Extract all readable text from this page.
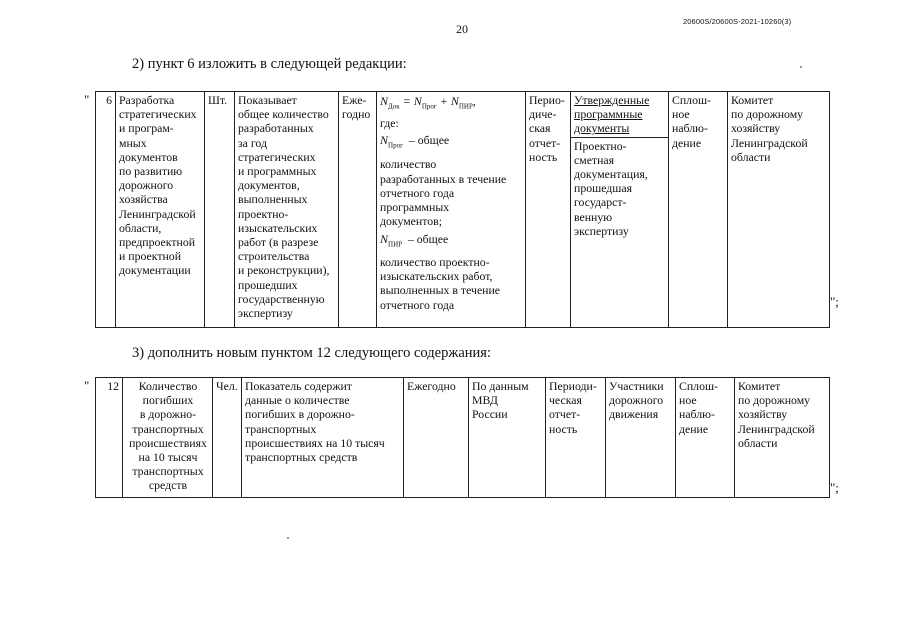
20
20600S/20600S-2021-10260(3)
2) пункт 6 изложить в следующей редакции:
" 6	Разработка
стратегических
и програм-
мных
документов
по развитию
дорожного
хозяйства
Ленинградской
области,
предпроектной
и проектной
документации
	Шт.	Показывает
общее количество
разработанных
за год
стратегических
и программных
документов,
выполненных
проектно-
изыскательских
работ (в разрезе
строительства
и реконструкции),
прошедших
государственную
экспертизу

Еже-
годно

$N_{Док} = N_{Прог} + N_{ПИР}$,
где:
$N_{Прог}$ – общее
количество
разработанных в течение
отчетного года
программных
документов;
$N_{ПИР}$ – общее
количество проектно-
изыскательских работ,
выполненных в течение
отчетного года

Перио-
диче-
ская
отчет-
ность

Утвержденные
программные
документы
Проектно-
сметная
документация,
прошедшая
государст-
венную
экспертизу

Сплош-
ное
наблю-
дение

Комитет
по дорожному
хозяйству
Ленинградской
области
";
3) дополнить новым пунктом 12 следующего содержания:
" 12	Количество
погибших
в дорожно-
транспортных
происшествиях
на 10 тысяч
транспортных
средств
	Чел.	Показатель содержит
данные о количестве
погибших в дорожно-
транспортных
происшествиях на 10 тысяч
транспортных средств

Ежегодно	По данным
МВД
России

Периоди-
ческая
отчет-
ность

Участники
дорожного
движения

Сплош-
ное
наблю-
дение

Комитет
по дорожному
хозяйству
Ленинградской
области
";
